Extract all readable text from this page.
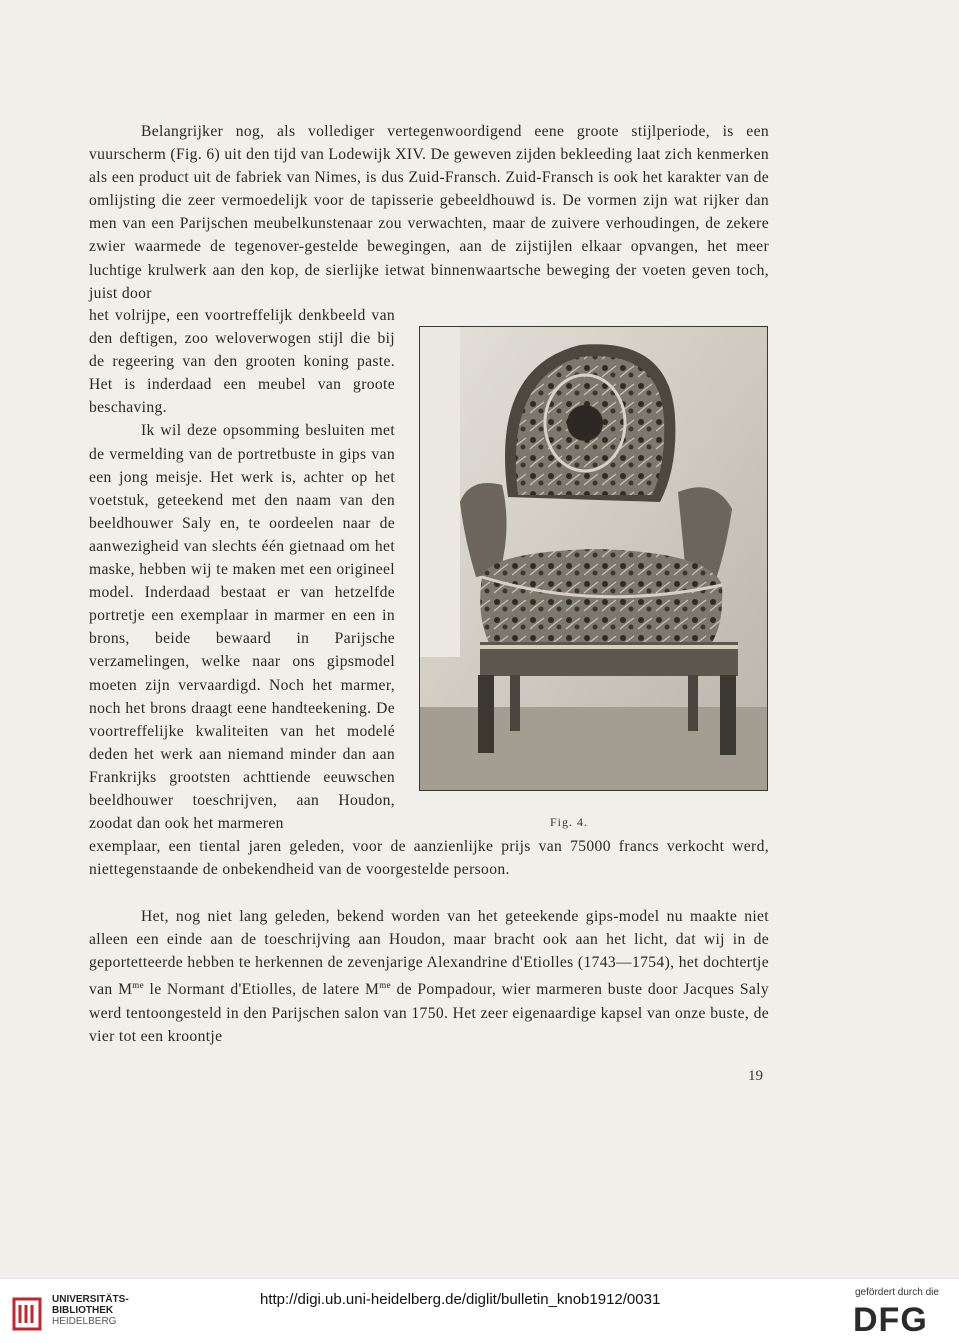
Belangrijker nog, als vollediger vertegenwoordigend eene groote stijlperiode, is een vuurscherm (Fig. 6) uit den tijd van Lodewijk XIV. De geweven zijden bekleeding laat zich kenmerken als een product uit de fabriek van Nimes, is dus Zuid-Fransch. Zuid-Fransch is ook het karakter van de omlijsting die zeer vermoedelijk voor de tapisserie gebeeldhouwd is. De vormen zijn wat rijker dan men van een Parijschen meubelkunstenaar zou verwachten, maar de zuivere verhoudingen, de zekere zwier waarmede de tegenover-gestelde bewegingen, aan de zijstijlen elkaar opvangen, het meer luchtige krulwerk aan den kop, de sierlijke ietwat binnenwaartsche beweging der voeten geven toch, juist door

het volrijpe, een voortreffelijk denkbeeld van den deftigen, zoo weloverwogen stijl die bij de regeering van den grooten koning paste. Het is inderdaad een meubel van groote beschaving.

Ik wil deze opsomming besluiten met de vermelding van de portretbuste in gips van een jong meisje. Het werk is, achter op het voetstuk, geteekend met den naam van den beeldhouwer Saly en, te oordeelen naar de aanwezigheid van slechts één gietnaad om het maske, hebben wij te maken met een origineel model. Inderdaad bestaat er van hetzelfde portretje een exemplaar in marmer en een in brons, beide bewaard in Parijsche verzamelingen, welke naar ons gipsmodel moeten zijn vervaardigd. Noch het marmer, noch het brons draagt eene handteekening. De voortreffelijke kwaliteiten van het modelé deden het werk aan niemand minder dan aan Frankrijks grootsten achttiende eeuwschen beeldhouwer toeschrijven, aan Houdon, zoodat dan ook het marmeren

exemplaar, een tiental jaren geleden, voor de aanzienlijke prijs van 75000 francs verkocht werd, niettegenstaande de onbekendheid van de voorgestelde persoon.

Het, nog niet lang geleden, bekend worden van het geteekende gips-model nu maakte niet alleen een einde aan de toeschrijving aan Houdon, maar bracht ook aan het licht, dat wij in de geportetteerde hebben te herkennen de zevenjarige Alexandrine d'Etiolles (1743—1754), het dochtertje van $M^{me}$ le Normant d'Etiolles, de latere $M^{me}$ de Pompadour, wier marmeren buste door Jacques Saly werd tentoongesteld in den Parijschen salon van 1750. Het zeer eigenaardige kapsel van onze buste, de vier tot een kroontje

Fig. 4.
19
UNIVERSITÄTS-
BIBLIOTHEK
HEIDELBERG
http://digi.ub.uni-heidelberg.de/diglit/bulletin_knob1912/0031	gefördert durch die
DFG
